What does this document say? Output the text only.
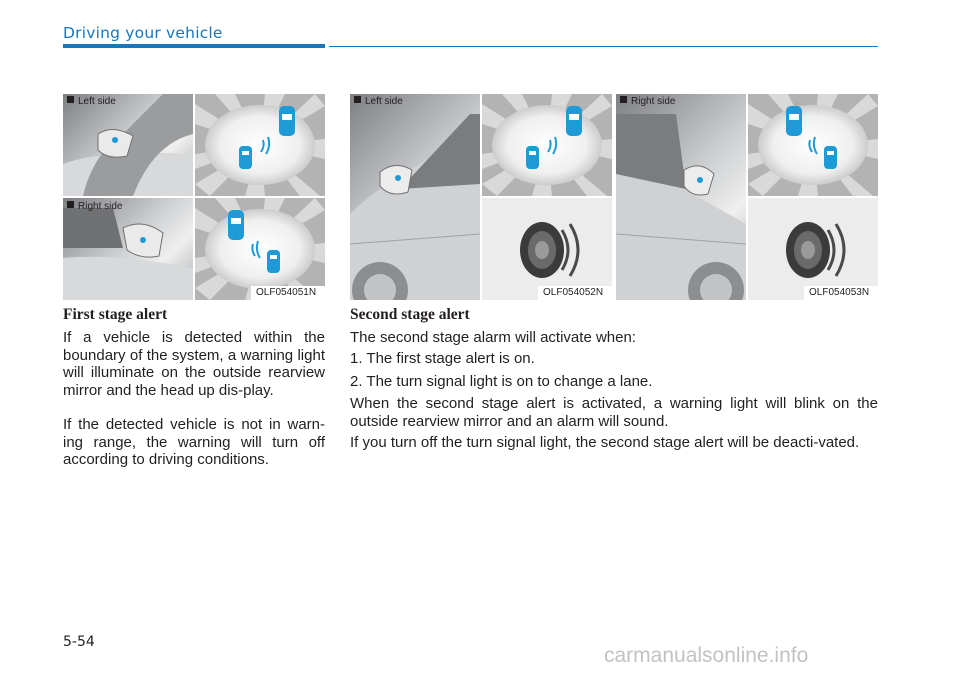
Driving your vehicle
Left side
Right side
OLF054051N
Left side
OLF054052N
Right side
OLF054053N
First stage alert
If a vehicle is detected within the boundary of the system, a warning light will illuminate on the outside rearview mirror and the head up dis-play.
If the detected vehicle is not in warn-ing range, the warning will turn off according to driving conditions.
Second stage alert
The second stage alarm will activate when:
1. The first stage alert is on.
2. The turn signal light is on to change a lane.
When the second stage alert is activated, a warning light will blink on the outside rearview mirror and an alarm will sound.
If you turn off the turn signal light, the second stage alert will be deacti-vated.
5-54
carmanualsonline.info
